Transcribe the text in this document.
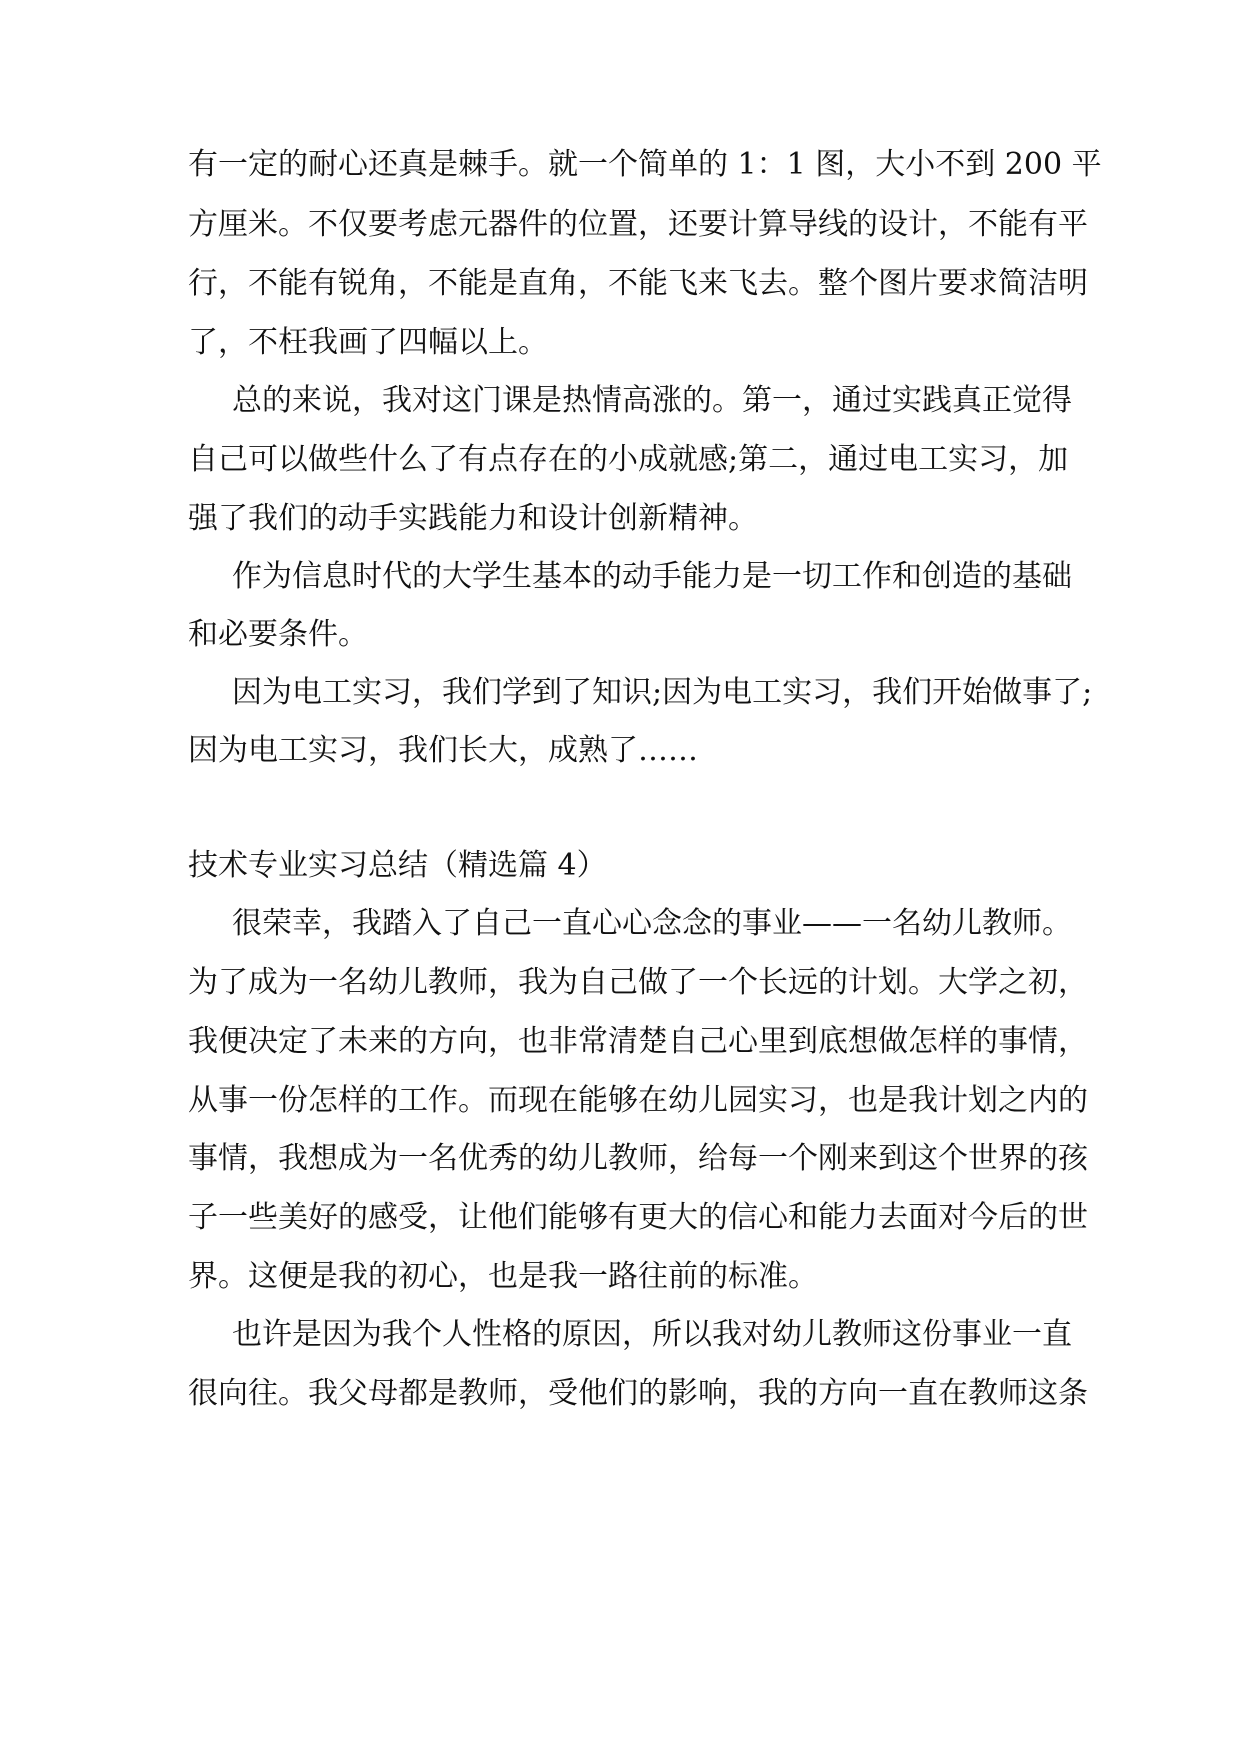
有一定的耐心还真是棘手。就一个简单的 1：1 图，大小不到 200 平
方厘米。不仅要考虑元器件的位置，还要计算导线的设计，不能有平
行，不能有锐角，不能是直角，不能飞来飞去。整个图片要求简洁明
了，不枉我画了四幅以上。
总的来说，我对这门课是热情高涨的。第一，通过实践真正觉得
自己可以做些什么了有点存在的小成就感;第二，通过电工实习，加
强了我们的动手实践能力和设计创新精神。
作为信息时代的大学生基本的动手能力是一切工作和创造的基础
和必要条件。
因为电工实习，我们学到了知识;因为电工实习，我们开始做事了;
因为电工实习，我们长大，成熟了……
技术专业实习总结（精选篇 4）
很荣幸，我踏入了自己一直心心念念的事业——一名幼儿教师。
为了成为一名幼儿教师，我为自己做了一个长远的计划。大学之初，
我便决定了未来的方向，也非常清楚自己心里到底想做怎样的事情，
从事一份怎样的工作。而现在能够在幼儿园实习，也是我计划之内的
事情，我想成为一名优秀的幼儿教师，给每一个刚来到这个世界的孩
子一些美好的感受，让他们能够有更大的信心和能力去面对今后的世
界。这便是我的初心，也是我一路往前的标准。
也许是因为我个人性格的原因，所以我对幼儿教师这份事业一直
很向往。我父母都是教师，受他们的影响，我的方向一直在教师这条
